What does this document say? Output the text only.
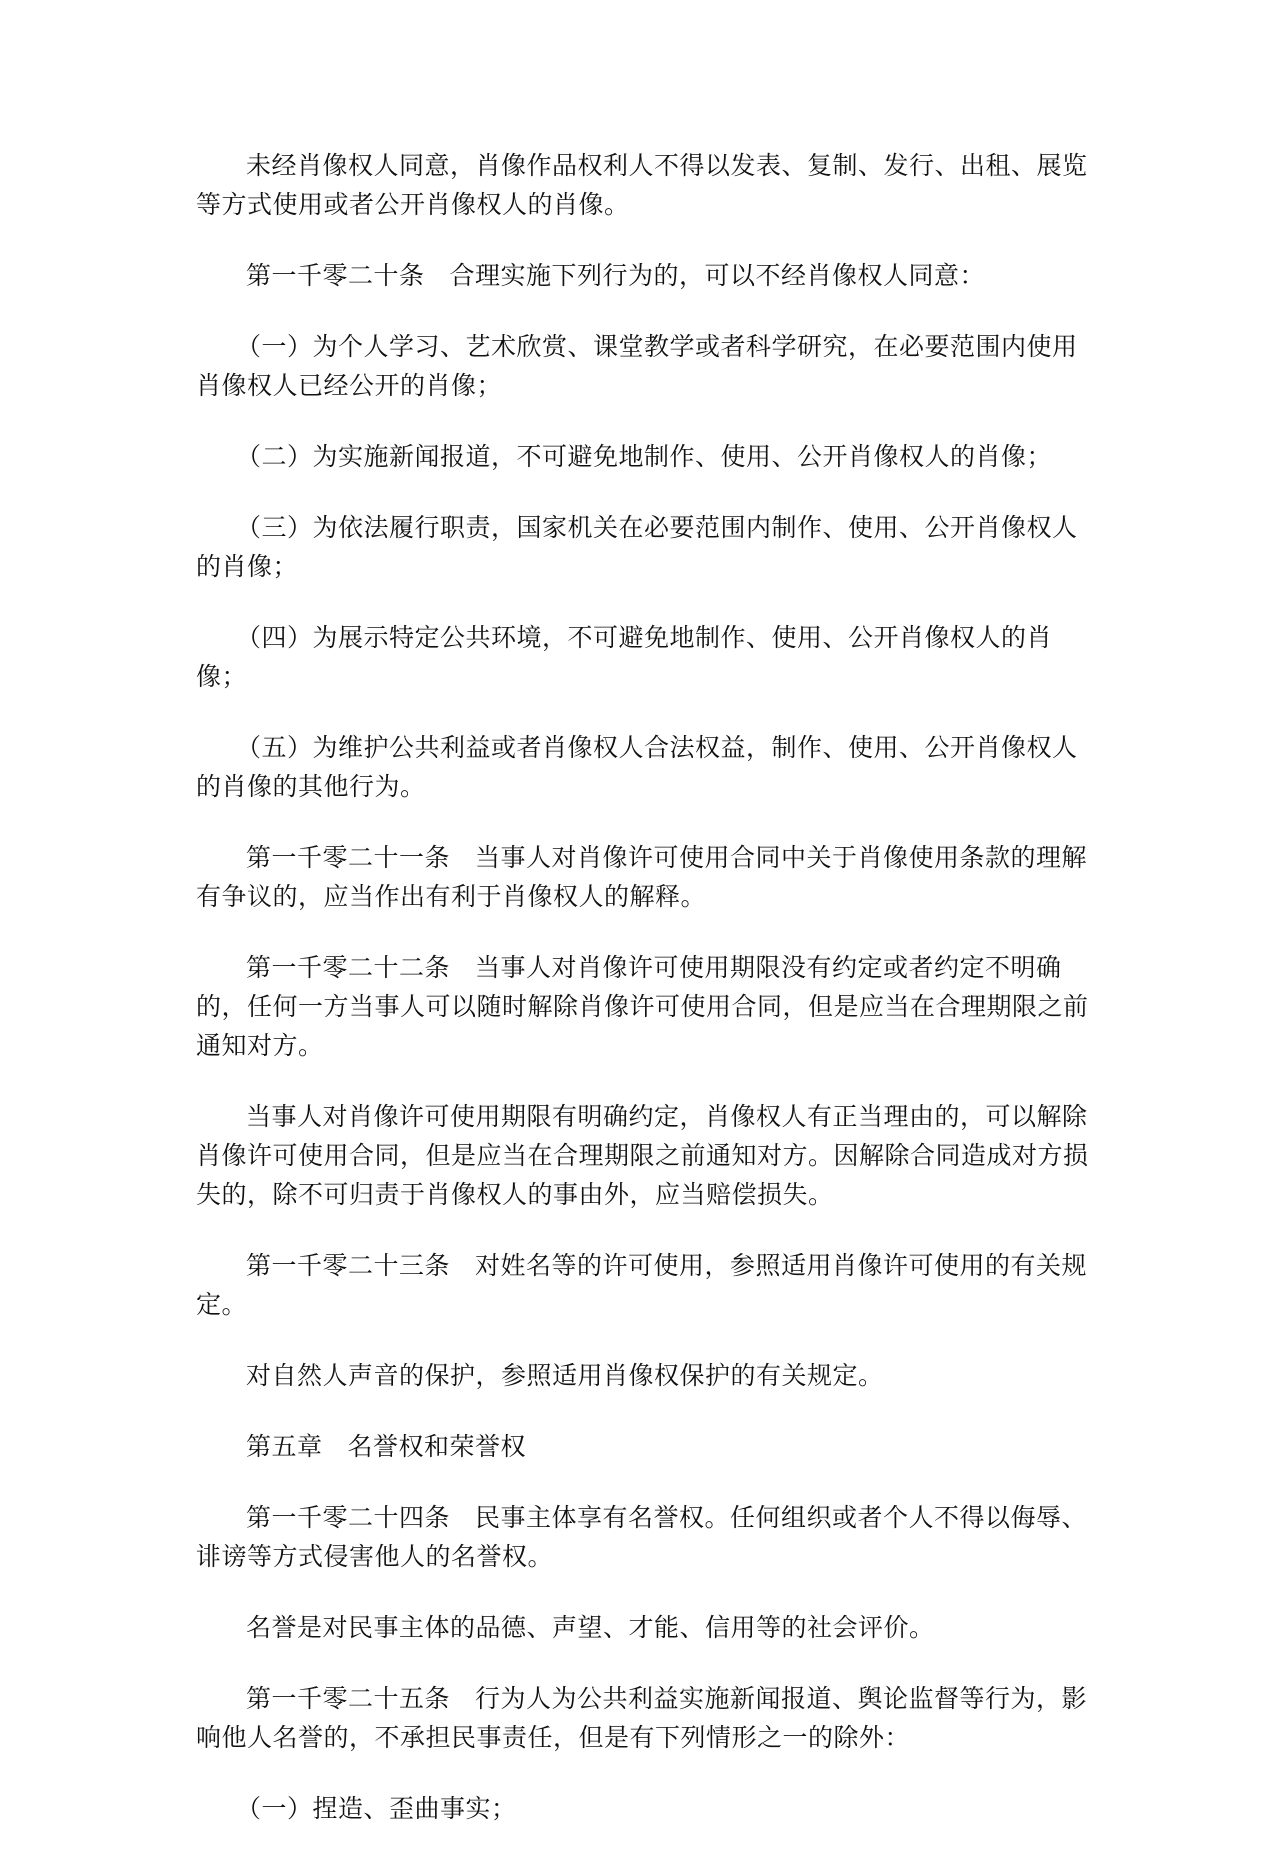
未经肖像权人同意，肖像作品权利人不得以发表、复制、发行、出租、展览等方式使用或者公开肖像权人的肖像。

第一千零二十条 合理实施下列行为的，可以不经肖像权人同意：

（一）为个人学习、艺术欣赏、课堂教学或者科学研究，在必要范围内使用肖像权人已经公开的肖像；

（二）为实施新闻报道，不可避免地制作、使用、公开肖像权人的肖像；

（三）为依法履行职责，国家机关在必要范围内制作、使用、公开肖像权人的肖像；

（四）为展示特定公共环境，不可避免地制作、使用、公开肖像权人的肖像；

（五）为维护公共利益或者肖像权人合法权益，制作、使用、公开肖像权人的肖像的其他行为。

第一千零二十一条 当事人对肖像许可使用合同中关于肖像使用条款的理解有争议的，应当作出有利于肖像权人的解释。

第一千零二十二条 当事人对肖像许可使用期限没有约定或者约定不明确的，任何一方当事人可以随时解除肖像许可使用合同，但是应当在合理期限之前通知对方。

当事人对肖像许可使用期限有明确约定，肖像权人有正当理由的，可以解除肖像许可使用合同，但是应当在合理期限之前通知对方。因解除合同造成对方损失的，除不可归责于肖像权人的事由外，应当赔偿损失。

第一千零二十三条 对姓名等的许可使用，参照适用肖像许可使用的有关规定。

对自然人声音的保护，参照适用肖像权保护的有关规定。

第五章 名誉权和荣誉权

第一千零二十四条 民事主体享有名誉权。任何组织或者个人不得以侮辱、诽谤等方式侵害他人的名誉权。

名誉是对民事主体的品德、声望、才能、信用等的社会评价。

第一千零二十五条 行为人为公共利益实施新闻报道、舆论监督等行为，影响他人名誉的，不承担民事责任，但是有下列情形之一的除外：

（一）捏造、歪曲事实；
